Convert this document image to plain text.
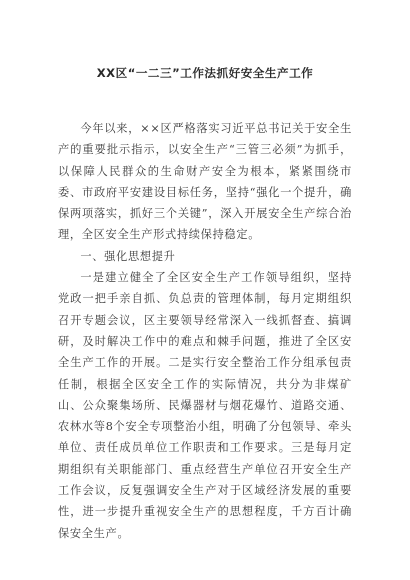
XX区“一二三”工作法抓好安全生产工作

今年以来，××区严格落实习近平总书记关于安全生产的重要批示指示，以安全生产“三管三必须”为抓手，以保障人民群众的生命财产安全为根本，紧紧围绕市委、市政府平安建设目标任务，坚持“强化一个提升，确保两项落实，抓好三个关键”，深入开展安全生产综合治理，全区安全生产形式持续保持稳定。

一、强化思想提升

一是建立健全了全区安全生产工作领导组织，坚持党政一把手亲自抓、负总责的管理体制，每月定期组织召开专题会议，区主要领导经常深入一线抓督查、搞调研，及时解决工作中的难点和棘手问题，推进了全区安全生产工作的开展。二是实行安全整治工作分组承包责任制，根据全区安全工作的实际情况，共分为非煤矿山、公众聚集场所、民爆器材与烟花爆竹、道路交通、农林水等8个安全专项整治小组，明确了分包领导、牵头单位、责任成员单位工作职责和工作要求。三是每月定期组织有关职能部门、重点经营生产单位召开安全生产工作会议，反复强调安全生产对于区域经济发展的重要性，进一步提升重视安全生产的思想程度，千方百计确保安全生产。
